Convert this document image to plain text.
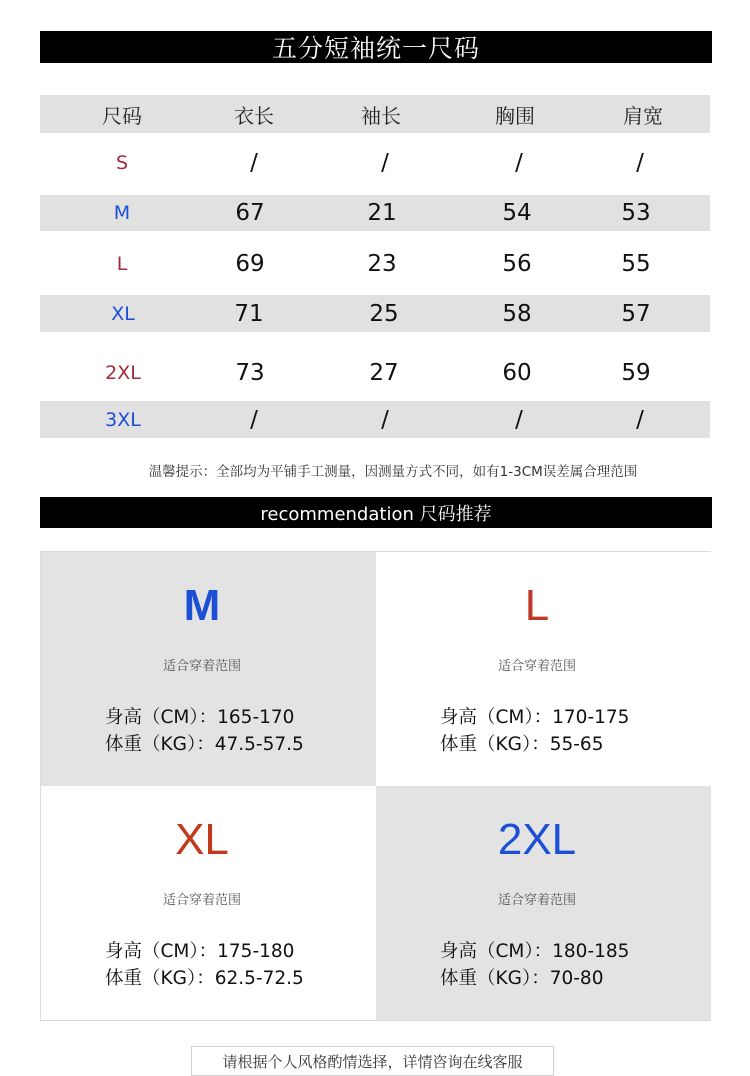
五分短袖统一尺码
尺码	衣长	袖长	胸围	肩宽
S	/	/	/	/
M	67	21	54	53
L	69	23	56	55
XL	71	25	58	57
2XL	73	27	60	59
3XL	/	/	/	/
温馨提示：全部均为平铺手工测量，因测量方式不同，如有1-3CM误差属合理范围
recommendation 尺码推荐
M
适合穿着范围
身高（CM）：165-170
体重（KG）：47.5-57.5
L
适合穿着范围
身高（CM）：170-175
体重（KG）：55-65
XL
适合穿着范围
身高（CM）：175-180
体重（KG）：62.5-72.5
2XL
适合穿着范围
身高（CM）：180-185
体重（KG）：70-80
请根据个人风格酌情选择，详情咨询在线客服
